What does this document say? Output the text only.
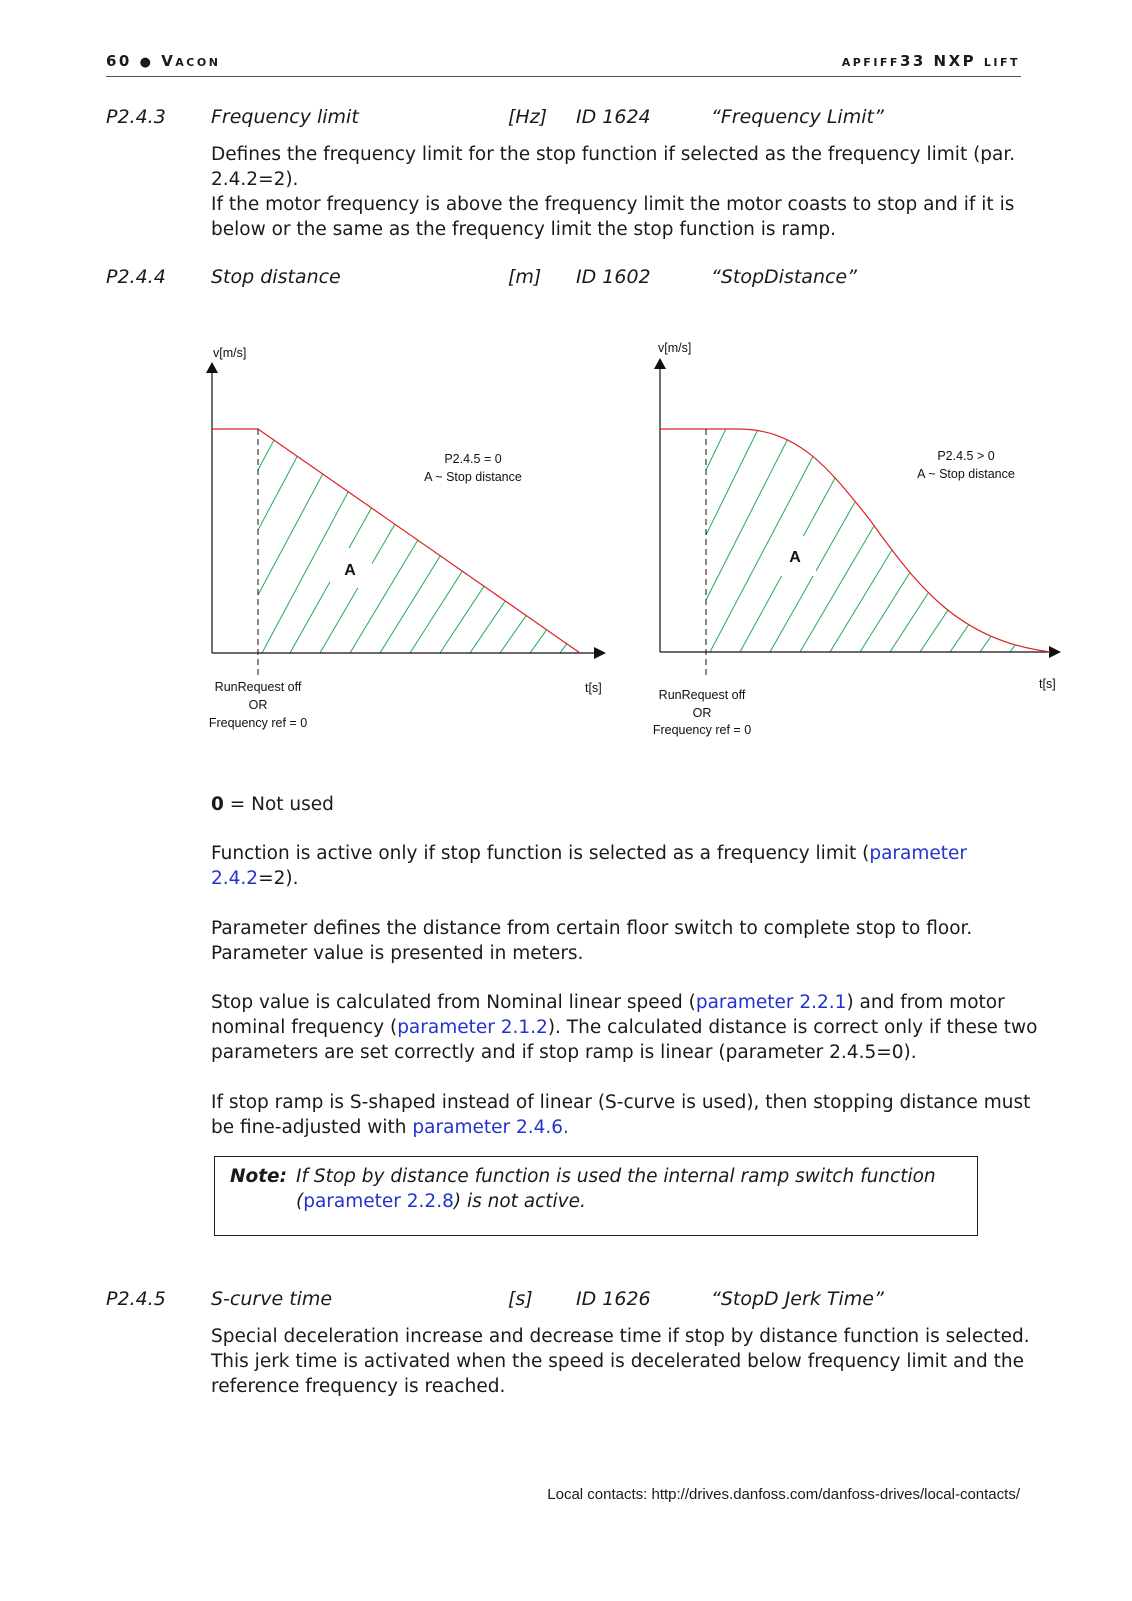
60 ● Vacon	apfiff33 NXP lift
P2.4.3 Frequency limit	[Hz] ID 1624	“Frequency Limit”
Defines the frequency limit for the stop function if selected as the frequency limit (par.
2.4.2=2).
If the motor frequency is above the frequency limit the motor coasts to stop and if it is
below or the same as the frequency limit the stop function is ramp.
P2.4.4 Stop distance	[m] ID 1602	“StopDistance”
v[m/s]
t[s]
P2.4.5 = 0
A ~ Stop distance
A
RunRequest off
OR
Frequency ref = 0
v[m/s]
t[s]
P2.4.5 > 0
A ~ Stop distance
A
RunRequest off
OR
Frequency ref = 0
0 = Not used
Function is active only if stop function is selected as a frequency limit (parameter
2.4.2=2).
Parameter defines the distance from certain floor switch to complete stop to floor.
Parameter value is presented in meters.
Stop value is calculated from Nominal linear speed (parameter 2.2.1) and from motor
nominal frequency (parameter 2.1.2). The calculated distance is correct only if these two
parameters are set correctly and if stop ramp is linear (parameter 2.4.5=0).
If stop ramp is S-shaped instead of linear (S-curve is used), then stopping distance must
be fine-adjusted with parameter 2.4.6.
Note: If Stop by distance function is used the internal ramp switch function
(parameter 2.2.8) is not active.
P2.4.5 S-curve time	[s] ID 1626	“StopD Jerk Time”
Special deceleration increase and decrease time if stop by distance function is selected.
This jerk time is activated when the speed is decelerated below frequency limit and the
reference frequency is reached.
Local contacts: http://drives.danfoss.com/danfoss-drives/local-contacts/
